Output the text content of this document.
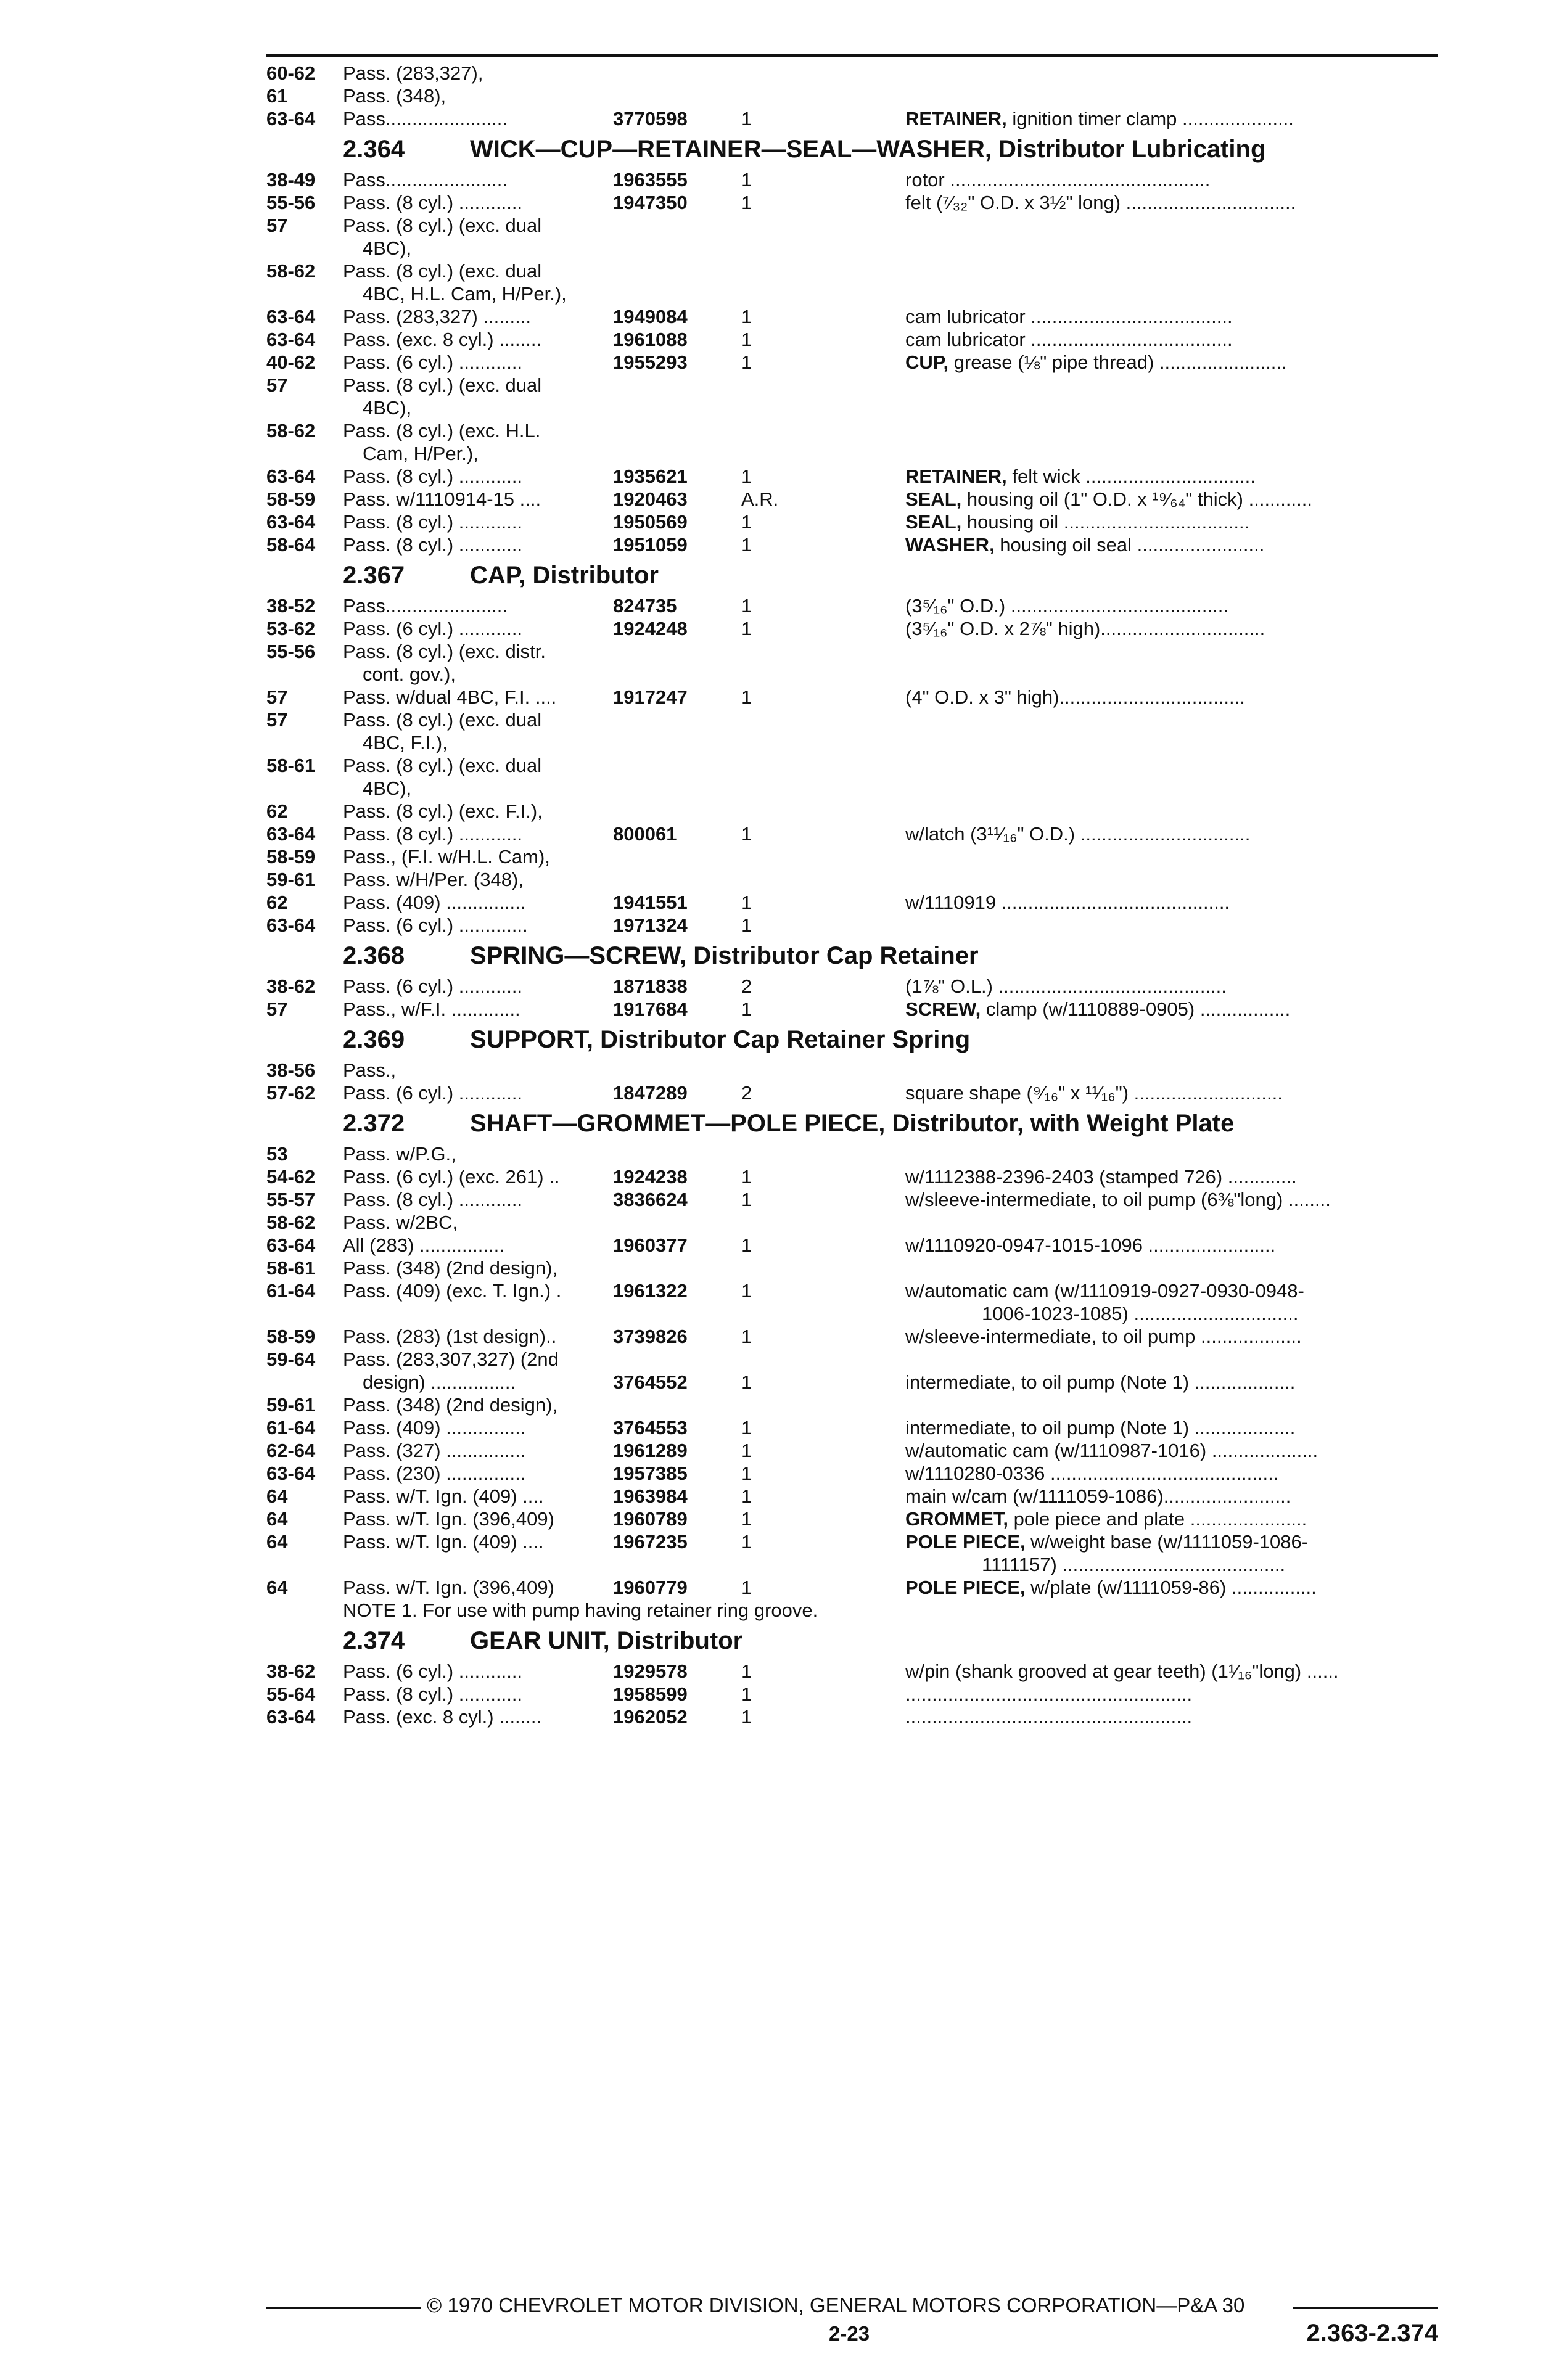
60-62	Pass. (283,327),
61	Pass. (348),
63-64	Pass.......................	3770598	1	RETAINER, ignition timer clamp .....................
2.364	WICK—CUP—RETAINER—SEAL—WASHER, Distributor Lubricating
38-49	Pass.......................	1963555	1	rotor .................................................
55-56	Pass. (8 cyl.) ............	1947350	1	felt (⁷⁄₃₂" O.D. x 3½" long) ................................
57	Pass. (8 cyl.) (exc. dual
4BC),
58-62	Pass. (8 cyl.) (exc. dual
4BC, H.L. Cam, H/Per.),
63-64	Pass. (283,327) .........	1949084	1	cam lubricator ......................................
63-64	Pass. (exc. 8 cyl.) ........	1961088	1	cam lubricator ......................................
40-62	Pass. (6 cyl.) ............	1955293	1	CUP, grease (⅛" pipe thread) ........................
57	Pass. (8 cyl.) (exc. dual
4BC),
58-62	Pass. (8 cyl.) (exc. H.L.
Cam, H/Per.),
63-64	Pass. (8 cyl.) ............	1935621	1	RETAINER, felt wick ................................
58-59	Pass. w/1110914-15 ....	1920463	A.R.	SEAL, housing oil (1" O.D. x ¹⁹⁄₆₄" thick) ............
63-64	Pass. (8 cyl.) ............	1950569	1	SEAL, housing oil ...................................
58-64	Pass. (8 cyl.) ............	1951059	1	WASHER, housing oil seal ........................
2.367	CAP, Distributor
38-52	Pass.......................	824735	1	(3⁵⁄₁₆" O.D.) .........................................
53-62	Pass. (6 cyl.) ............	1924248	1	(3⁵⁄₁₆" O.D. x 2⅞" high)...............................
55-56	Pass. (8 cyl.) (exc. distr.
cont. gov.),
57	Pass. w/dual 4BC, F.I. ....	1917247	1	(4" O.D. x 3" high)...................................
57	Pass. (8 cyl.) (exc. dual
4BC, F.I.),
58-61	Pass. (8 cyl.) (exc. dual
4BC),
62	Pass. (8 cyl.) (exc. F.I.),
63-64	Pass. (8 cyl.) ............	800061	1	w/latch (3¹¹⁄₁₆" O.D.) ................................
58-59	Pass., (F.I. w/H.L. Cam),
59-61	Pass. w/H/Per. (348),
62	Pass. (409) ...............	1941551	1	w/1110919 ...........................................
63-64	Pass. (6 cyl.) .............	1971324	1
2.368	SPRING—SCREW, Distributor Cap Retainer
38-62	Pass. (6 cyl.) ............	1871838	2	(1⅞" O.L.) ...........................................
57	Pass., w/F.I. .............	1917684	1	SCREW, clamp (w/1110889-0905) .................
2.369	SUPPORT, Distributor Cap Retainer Spring
38-56	Pass.,
57-62	Pass. (6 cyl.) ............	1847289	2	square shape (⁹⁄₁₆" x ¹¹⁄₁₆") ............................
2.372	SHAFT—GROMMET—POLE PIECE, Distributor, with Weight Plate
53	Pass. w/P.G.,
54-62	Pass. (6 cyl.) (exc. 261) ..	1924238	1	w/1112388-2396-2403 (stamped 726) .............
55-57	Pass. (8 cyl.) ............	3836624	1	w/sleeve-intermediate, to oil pump (6⅜"long) ........
58-62	Pass. w/2BC,
63-64	All (283) ................	1960377	1	w/1110920-0947-1015-1096 ........................
58-61	Pass. (348) (2nd design),
61-64	Pass. (409) (exc. T. Ign.) .	1961322	1	w/automatic cam (w/1110919-0927-0930-0948-
1006-1023-1085) ...............................
58-59	Pass. (283) (1st design)..	3739826	1	w/sleeve-intermediate, to oil pump ...................
59-64	Pass. (283,307,327) (2nd
design) ................	3764552	1	intermediate, to oil pump (Note 1) ...................
59-61	Pass. (348) (2nd design),
61-64	Pass. (409) ...............	3764553	1	intermediate, to oil pump (Note 1) ...................
62-64	Pass. (327) ...............	1961289	1	w/automatic cam (w/1110987-1016) ....................
63-64	Pass. (230) ...............	1957385	1	w/1110280-0336 ...........................................
64	Pass. w/T. Ign. (409) ....	1963984	1	main w/cam (w/1111059-1086)........................
64	Pass. w/T. Ign. (396,409)	1960789	1	GROMMET, pole piece and plate ......................
64	Pass. w/T. Ign. (409) ....	1967235	1	POLE PIECE, w/weight base (w/1111059-1086-
1111157) ..........................................
64	Pass. w/T. Ign. (396,409)	1960779	1	POLE PIECE, w/plate (w/1111059-86) ................
NOTE 1. For use with pump having retainer ring groove.
2.374	GEAR UNIT, Distributor
38-62	Pass. (6 cyl.) ............	1929578	1	w/pin (shank grooved at gear teeth) (1¹⁄₁₆"long) ......
55-64	Pass. (8 cyl.) ............	1958599	1	......................................................
63-64	Pass. (exc. 8 cyl.) ........	1962052	1	......................................................
© 1970 CHEVROLET MOTOR DIVISION, GENERAL MOTORS CORPORATION—P&A 30
2-23	2.363-2.374
